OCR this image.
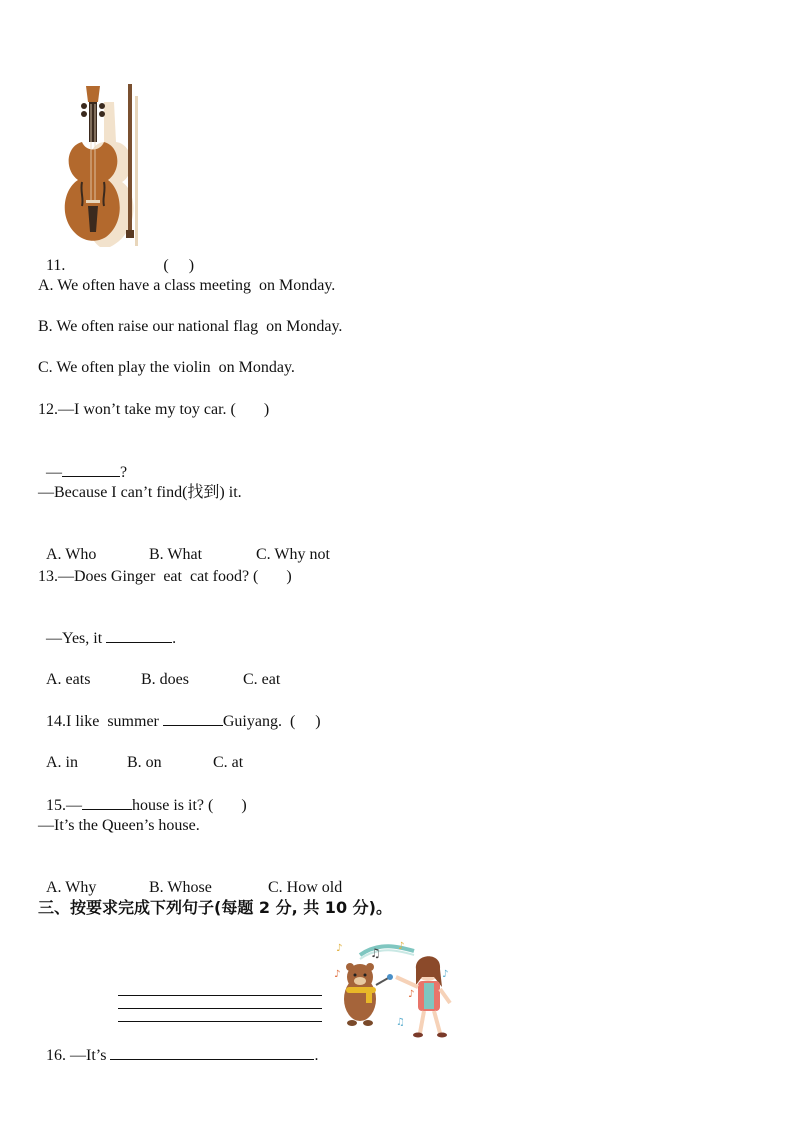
11.	(     )

A. We often have a class meeting  on Monday.
B. We often raise our national flag  on Monday.
C. We often play the violin  on Monday.
12.—I won’t take my toy car. (       )

—	?

—Because I can’t find(找到) it.

A. Who	B. What	C. Why not

13.—Does Ginger  eat  cat food? (       )

—Yes, it	.

A. eats	B. does	C. eat

14.I like  summer	Guiyang.  (     )

A. in	B. on	C. at

15.—	house is it? (       )

—It’s the Queen’s house.

A. Why	B. Whose	C. How old

三、按要求完成下列句子(每题 2 分, 共 10 分)。
♫
♪	♪
♪	♪
♪
♫

16. —It’s	.
